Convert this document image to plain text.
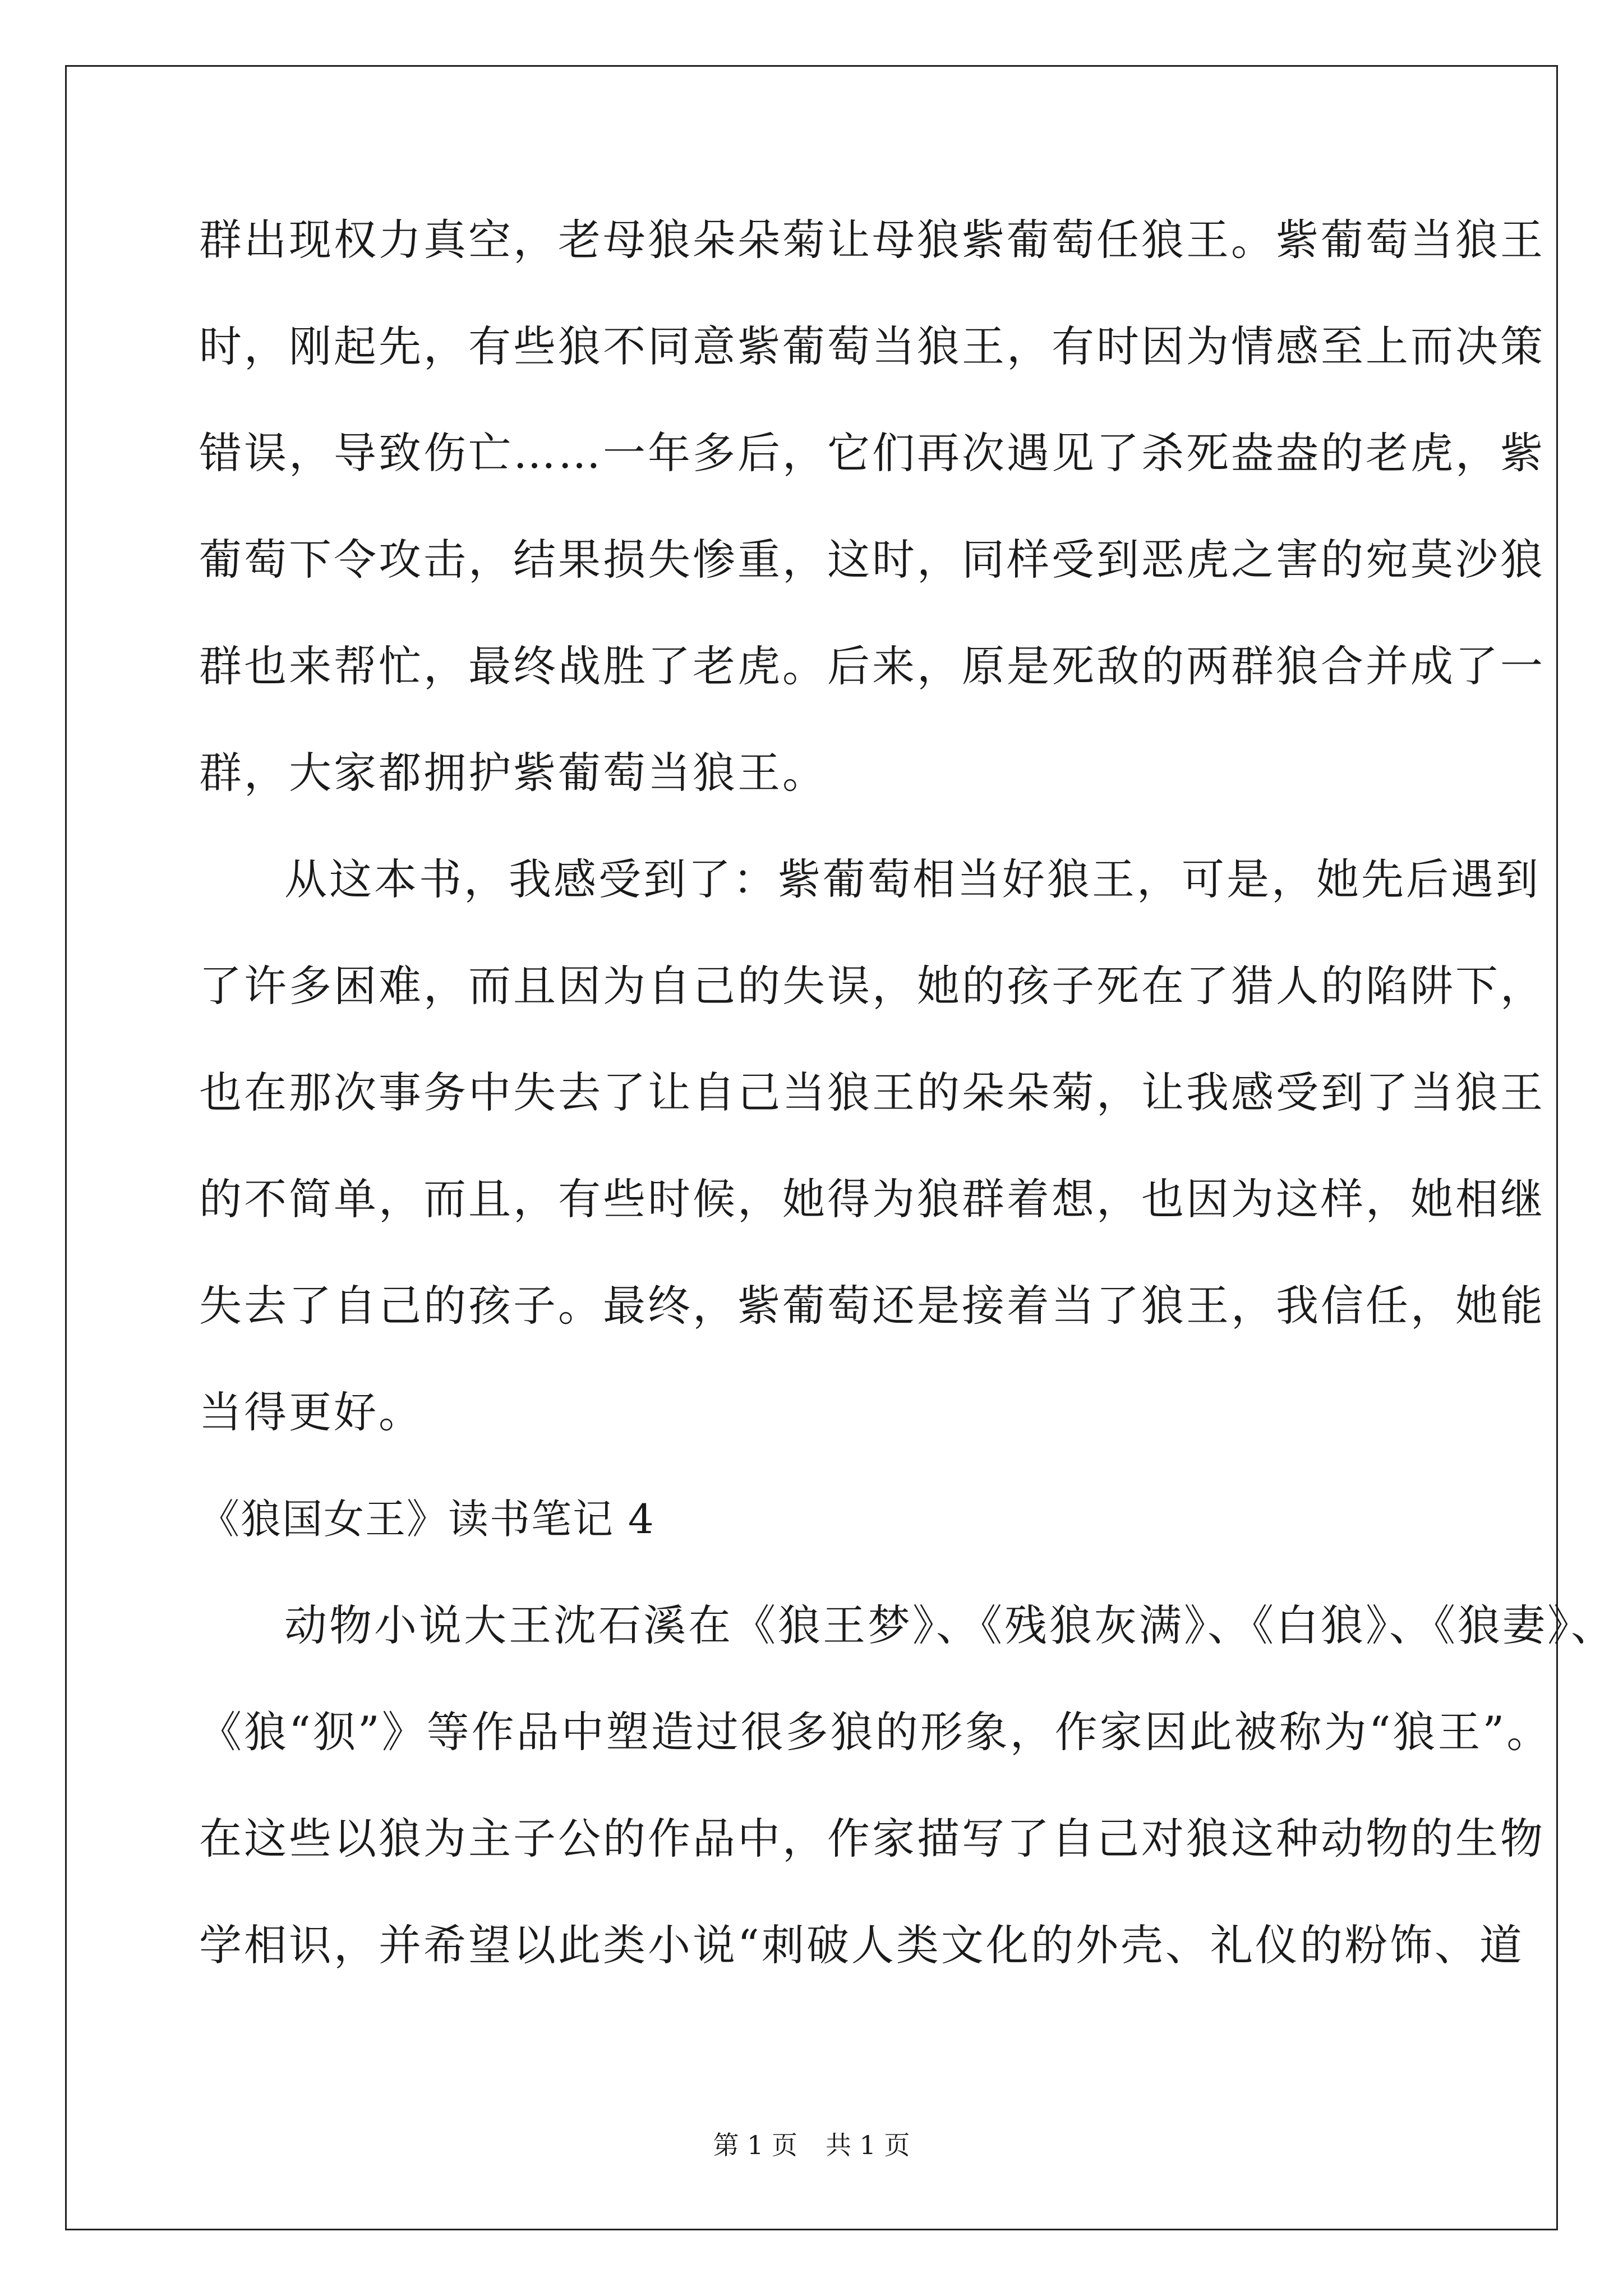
群出现权力真空，老母狼朵朵菊让母狼紫葡萄任狼王。紫葡萄当狼王

时，刚起先，有些狼不同意紫葡萄当狼王，有时因为情感至上而决策

错误，导致伤亡……一年多后，它们再次遇见了杀死盎盎的老虎，紫

葡萄下令攻击，结果损失惨重，这时，同样受到恶虎之害的宛莫沙狼

群也来帮忙，最终战胜了老虎。后来，原是死敌的两群狼合并成了一

群，大家都拥护紫葡萄当狼王。

从这本书，我感受到了：紫葡萄相当好狼王，可是，她先后遇到

了许多困难，而且因为自己的失误，她的孩子死在了猎人的陷阱下，

也在那次事务中失去了让自己当狼王的朵朵菊，让我感受到了当狼王

的不简单，而且，有些时候，她得为狼群着想，也因为这样，她相继

失去了自己的孩子。最终，紫葡萄还是接着当了狼王，我信任，她能

当得更好。

《狼国女王》读书笔记 4

动物小说大王沈石溪在《狼王梦》、《残狼灰满》、《白狼》、《狼妻》、

《狼“狈”》等作品中塑造过很多狼的形象，作家因此被称为“狼王”。

在这些以狼为主子公的作品中，作家描写了自己对狼这种动物的生物

学相识，并希望以此类小说“刺破人类文化的外壳、礼仪的粉饰、道

第 1 页 共 1 页
